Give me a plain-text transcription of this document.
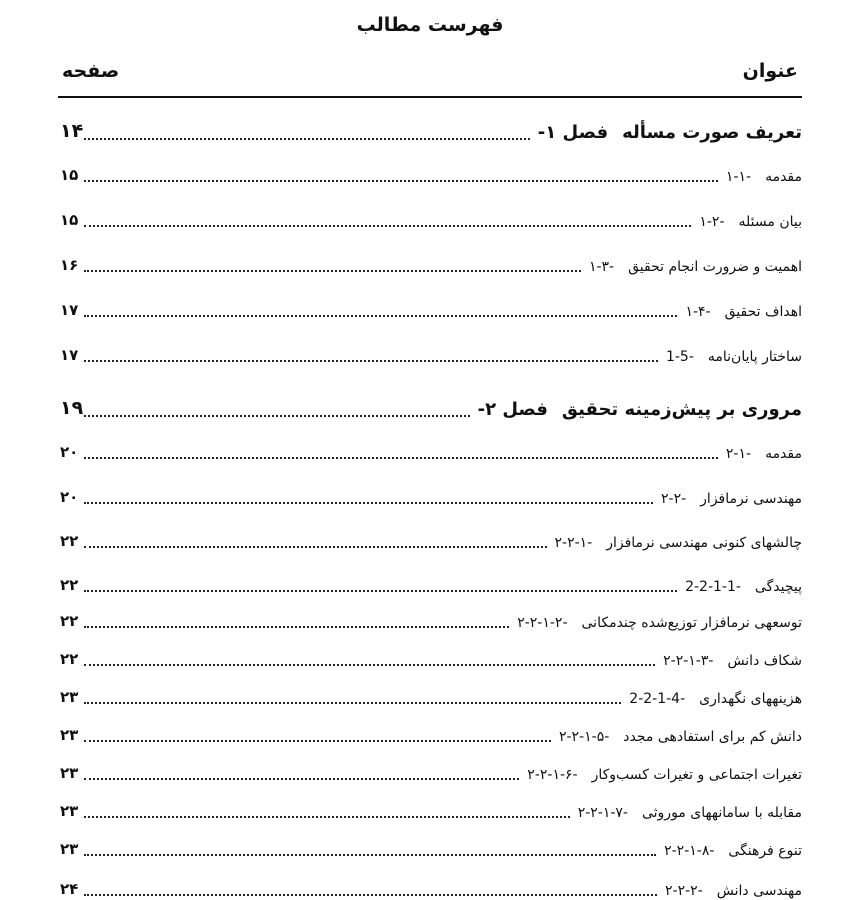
فهرست مطالب
عنوان
صفحه
۱۴	فصل ۱- تعریف صورت مسأله
۱۵	۱-۱- مقدمه
۱۵	۱-۲- بیان مسئله
۱۶	۱-۳- اهمیت و ضرورت انجام تحقیق
۱۷	۱-۴- اهداف تحقیق
۱۷	1-5- ساختار پایان‌نامه
۱۹	فصل ۲- مروری بر پیش‌زمینه تحقیق
۲۰	۲-۱- مقدمه
۲۰	۲-۲- مهندسی نرمافزار
۲۲	۲-۲-۱- چالشهای کنونی مهندسی نرمافزار
۲۲	2-2-1-1- پیچیدگی
۲۲	۲-۲-۱-۲- توسعهی نرمافزار توزیع‌شده چندمکانی
۲۲	۲-۲-۱-۳- شکاف دانش
۲۳	2-2-1-4- هزینههای نگهداری
۲۳	۲-۲-۱-۵- دانش کم برای استفادهی مجدد
۲۳	۲-۲-۱-۶- تغیرات اجتماعی و تغیرات کسب‌وکار
۲۳	۲-۲-۱-۷- مقابله با سامانههای موروثی
۲۳	۲-۲-۱-۸- تنوع فرهنگی
۲۴	۲-۲-۲- مهندسی دانش
